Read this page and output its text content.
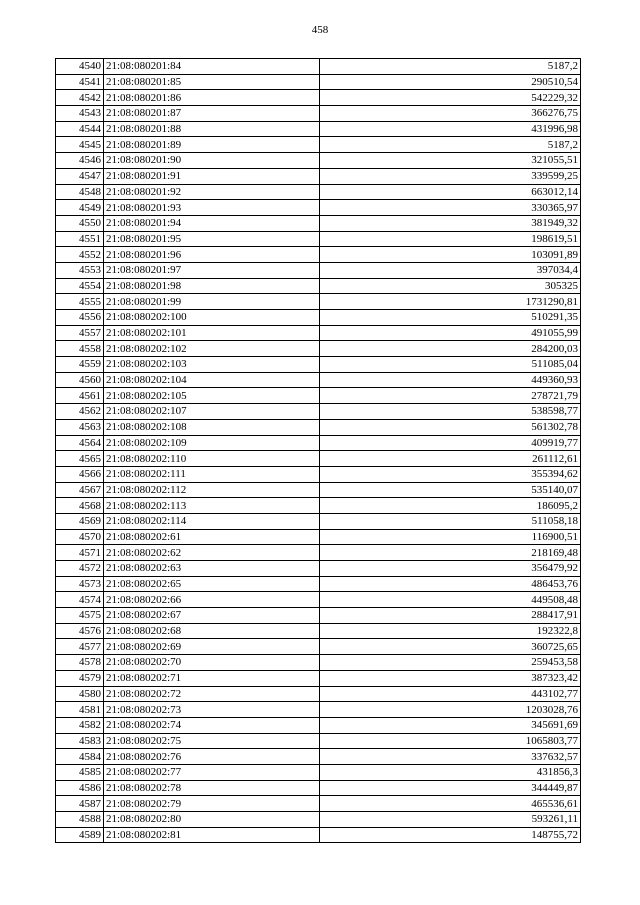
458
4540	21:08:080201:84	5187,2
4541	21:08:080201:85	290510,54
4542	21:08:080201:86	542229,32
4543	21:08:080201:87	366276,75
4544	21:08:080201:88	431996,98
4545	21:08:080201:89	5187,2
4546	21:08:080201:90	321055,51
4547	21:08:080201:91	339599,25
4548	21:08:080201:92	663012,14
4549	21:08:080201:93	330365,97
4550	21:08:080201:94	381949,32
4551	21:08:080201:95	198619,51
4552	21:08:080201:96	103091,89
4553	21:08:080201:97	397034,4
4554	21:08:080201:98	305325
4555	21:08:080201:99	1731290,81
4556	21:08:080202:100	510291,35
4557	21:08:080202:101	491055,99
4558	21:08:080202:102	284200,03
4559	21:08:080202:103	511085,04
4560	21:08:080202:104	449360,93
4561	21:08:080202:105	278721,79
4562	21:08:080202:107	538598,77
4563	21:08:080202:108	561302,78
4564	21:08:080202:109	409919,77
4565	21:08:080202:110	261112,61
4566	21:08:080202:111	355394,62
4567	21:08:080202:112	535140,07
4568	21:08:080202:113	186095,2
4569	21:08:080202:114	511058,18
4570	21:08:080202:61	116900,51
4571	21:08:080202:62	218169,48
4572	21:08:080202:63	356479,92
4573	21:08:080202:65	486453,76
4574	21:08:080202:66	449508,48
4575	21:08:080202:67	288417,91
4576	21:08:080202:68	192322,8
4577	21:08:080202:69	360725,65
4578	21:08:080202:70	259453,58
4579	21:08:080202:71	387323,42
4580	21:08:080202:72	443102,77
4581	21:08:080202:73	1203028,76
4582	21:08:080202:74	345691,69
4583	21:08:080202:75	1065803,77
4584	21:08:080202:76	337632,57
4585	21:08:080202:77	431856,3
4586	21:08:080202:78	344449,87
4587	21:08:080202:79	465536,61
4588	21:08:080202:80	593261,11
4589	21:08:080202:81	148755,72
